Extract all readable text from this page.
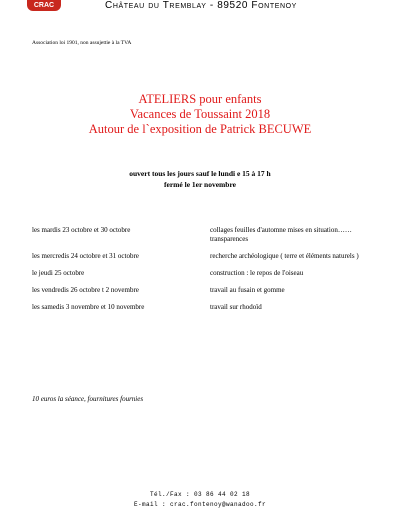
CRAC	Château du Tremblay - 89520 Fontenoy
Association loi 1901, non assujettie à la TVA
ATELIERS pour enfants
Vacances de Toussaint 2018
Autour de l`exposition de Patrick BECUWE
ouvert tous les jours sauf le lundi e 15 à 17 h
fermé le 1er novembre
les mardis 23 octobre et 30 octobre	collages feuilles d'automne mises en situation……transparences
les mercredis 24 octobre et 31 octobre	recherche archéologique ( terre et éléments naturels )
le jeudi 25 octobre	construction : le repos de l'oiseau
les vendredis 26 octobre t 2 novembre	travail au fusain et gomme
les samedis 3 novembre et 10 novembre	travail sur rhodoïd
10 euros la séance, fournitures fournies
Tél./Fax : 03 86 44 02 18
E-mail : crac.fontenoy@wanadoo.fr
